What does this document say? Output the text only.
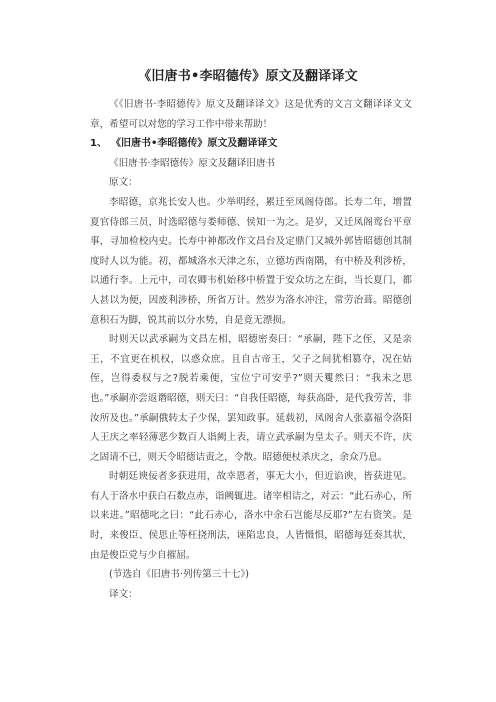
《旧唐书•李昭德传》原文及翻译译文

《《旧唐书·李昭德传》原文及翻译译文》这是优秀的文言文翻译译文文章，希望可以对您的学习工作中带来帮助！

1、 《旧唐书•李昭德传》原文及翻译译文

《旧唐书·李昭德传》原文及翻译旧唐书

原文：

李昭德，京兆长安人也。少举明经，累迁至凤阁侍郎。长寿二年，增置夏官侍郎三员，时选昭德与娄师德、侯知一为之。是岁，又迁凤阁鸾台平章事，寻加检校内史。长寿中神都改作文昌台及定鼎门又城外郭皆昭德创其制度时人以为能。初，都城洛水天津之东，立德坊西南隅，有中桥及利涉桥，以通行李。上元中，司农卿韦机始移中桥置于安众坊之左街，当长夏门，都人甚以为便，因废利涉桥，所省万计。然岁为洛水冲注，常劳治葺。昭德创意积石为脚，锐其前以分水势，自是竟无漂损。

时则天以武承嗣为文昌左相，昭德密奏曰：“承嗣，陛下之侄，又是亲王，不宜更在机权，以惑众庶。且自古帝王，父子之间犹相篡夺，况在姑侄，岂得委权与之?脱若乘便，宝位宁可安乎?”则天矍然曰：“我未之思也。”承嗣亦尝返谮昭德，则天曰：“自我任昭德，每获高卧，是代我劳苦，非汝所及也。”承嗣俄转太子少保，罢知政事。延载初，凤阁舍人张嘉福令洛阳人王庆之率轻薄恶少数百人诣阙上表，请立武承嗣为皇太子。则天不许，庆之固请不已，则天令昭德诘责之，令散。昭德便杖杀庆之，余众乃息。

时朝廷谀佞者多获进用，故幸恩者，事无大小，但近谄谀，皆获进见。有人于洛水中获白石数点赤，诣阙辄进。诸宰相诘之，对云：“此石赤心，所以来进。”昭德叱之曰：“此石赤心，洛水中余石岂能尽反耶?”左右资笑。是时，来俊臣、侯思止等枉挠刑法，诬陷忠良，人皆慑惧，昭德每廷奏其状，由是俊臣党与少自摧屈。

(节选自《旧唐书·列传第三十七》)

译文：
